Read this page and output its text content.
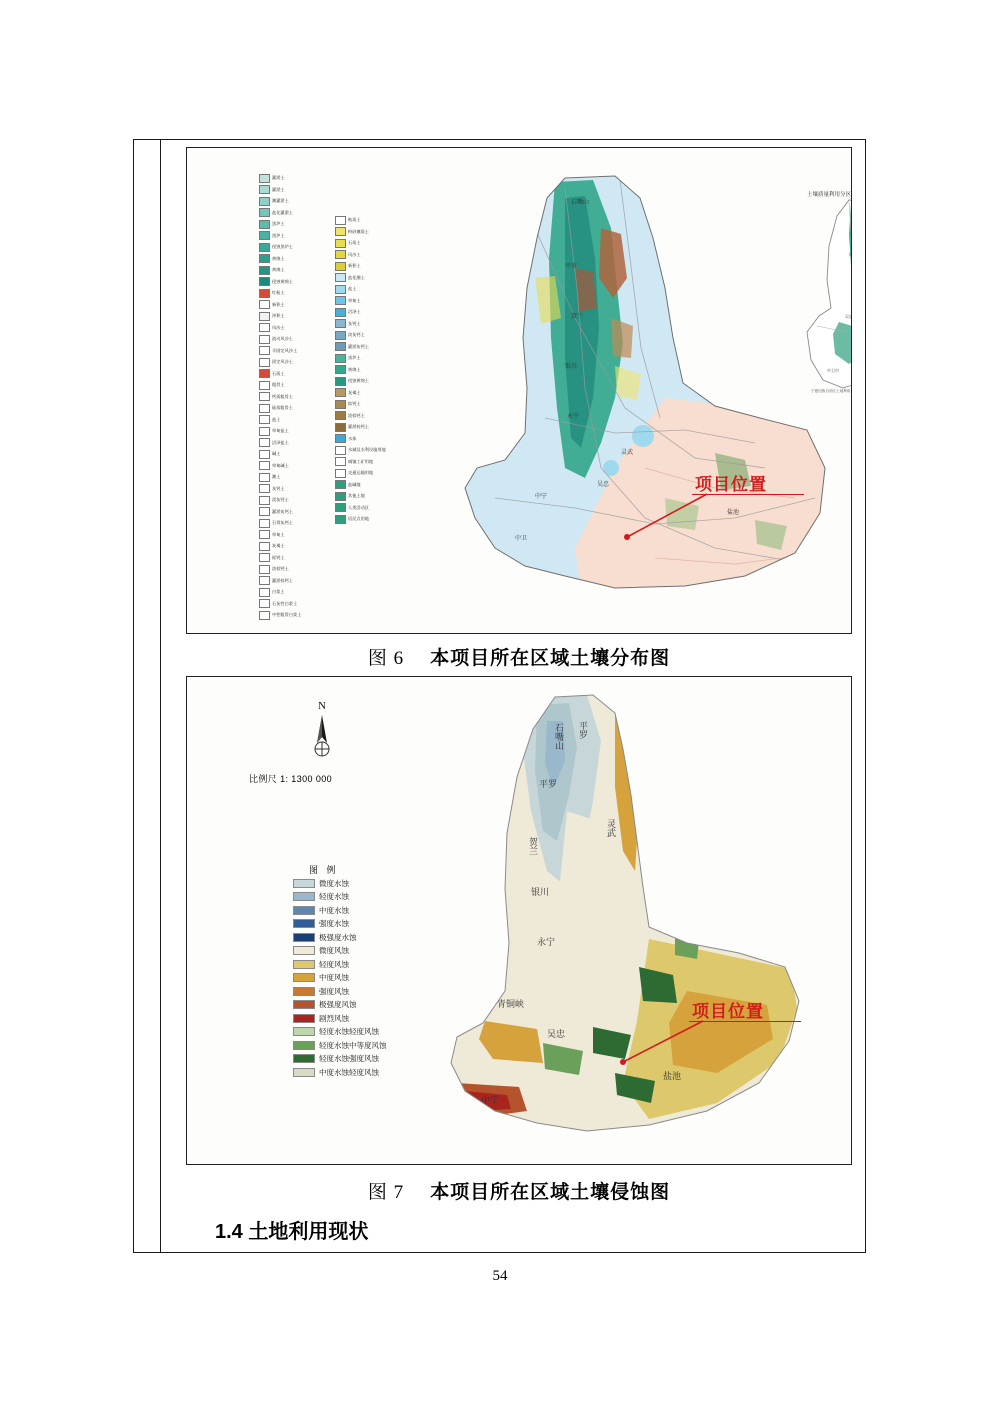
灌淤土
灌淤土
潮灌淤土
盐化灌淤土
黑垆土
黑垆土
侵蚀黑垆土
黄绵土
黄绵土
侵蚀黄绵土
红粘土
新积土
冲积土
风沙土
流动风沙土
半固定风沙土
固定风沙土
石质土
粗骨土
钙质粗骨土
硅质粗骨土
盐土
草甸盐土
沼泽盐土
碱土
草甸碱土
潮土
灰钙土
淡灰钙土
灌淤灰钙土
石膏灰钙土
草甸土
灰褐土
棕钙土
淡棕钙土
灌淤棕钙土
白浆土
石灰性白浆土
中性粗骨白浆土
粘质土
粉砂壤质土
石质土
风沙土
新积土
盐化潮土
盐土
草甸土
沼泽土
灰钙土
淡灰钙土
灌淤灰钙土
黑垆土
黄绵土
侵蚀黄绵土
灰褐土
棕钙土
淡棕钙土
灌淤棕钙土
水体
水域及水利设施用地
城镇工矿用地
交通运输用地
盐碱地
其他土地
人类活动区
居民点用地
石嘴山
平罗
贺兰
银川
永宁
灵武
吴忠
中宁
盐池
中卫
土壤质量利用分区
石嘴山
银川市
吴忠市
中卫市
宁夏回族自治区土地利用分区
项目位置
图 6 本项目所在区域土壤分布图
N
比例尺 1: 1300 000
图 例
微度水蚀
轻度水蚀
中度水蚀
强度水蚀
极强度水蚀
微度风蚀
轻度风蚀
中度风蚀
强度风蚀
极强度风蚀
剧烈风蚀
轻度水蚀轻度风蚀
轻度水蚀中等度风蚀
轻度水蚀强度风蚀
中度水蚀轻度风蚀
石嘴山 平罗
平罗
贺兰
银川
永宁
灵武
青铜峡
吴忠
盐池
中宁
项目位置
图 7 本项目所在区域土壤侵蚀图
1.4 土地利用现状
54
